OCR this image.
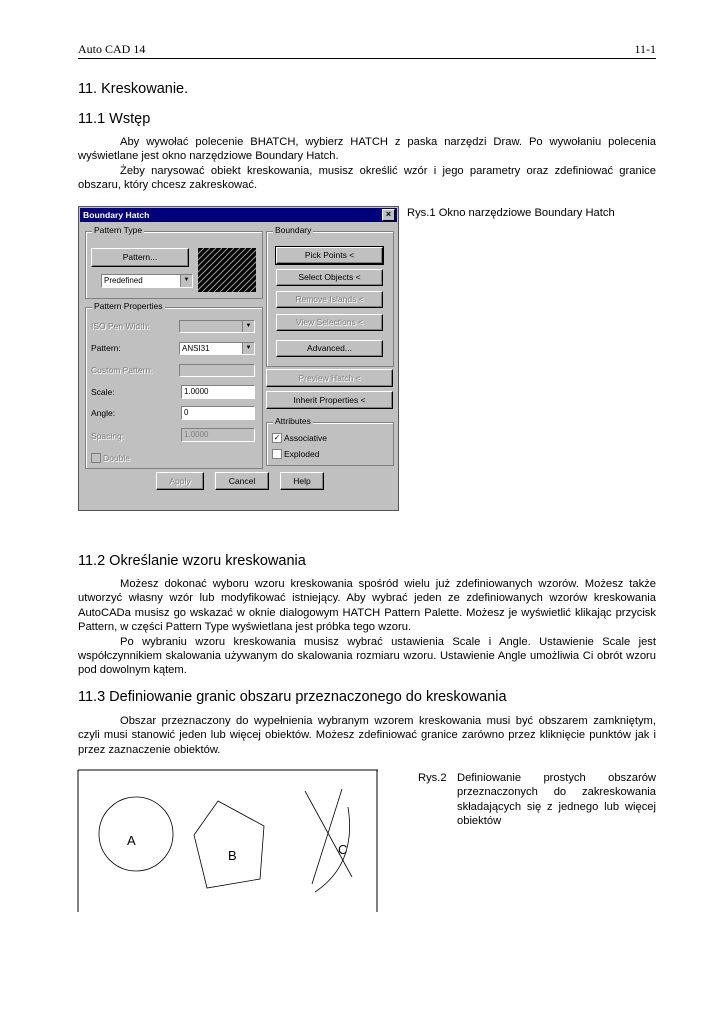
Auto CAD 14	11-1
11. Kreskowanie.
11.1 Wstęp

Aby wywołać polecenie BHATCH, wybierz HATCH z paska narzędzi Draw. Po wywołaniu polecenia wyświetlane jest okno narzędziowe Boundary Hatch.

Żeby narysować obiekt kreskowania, musisz określić wzór i jego parametry oraz zdefiniować granice obszaru, który chcesz zakreskować.

Boundary Hatch	×
Pattern Type
Pattern...
Predefined	▼
Pattern Properties
ISO Pen Width:	▼
Pattern:	ANSI31	▼
Custom Pattern:
Scale:	1.0000
Angle:	0
Spacing:	1.0000
Double
Boundary
Pick Points <
Select Objects <
Remove Islands <
View Selections <
Advanced...
Preview Hatch <
Inherit Properties <
Attributes
✓ Associative
Exploded
Apply	Cancel	Help
Rys.1 Okno narzędziowe Boundary Hatch
11.2 Określanie wzoru kreskowania

Możesz dokonać wyboru wzoru kreskowania spośród wielu już zdefiniowanych wzorów. Możesz także utworzyć własny wzór lub modyfikować istniejący. Aby wybrać jeden ze zdefiniowanych wzorów kreskowania AutoCADa musisz go wskazać w oknie dialogowym HATCH Pattern Palette. Możesz je wyświetlić klikając przycisk Pattern, w części Pattern Type wyświetlana jest próbka tego wzoru.

Po wybraniu wzoru kreskowania musisz wybrać ustawienia Scale i Angle. Ustawienie Scale jest współczynnikiem skalowania używanym do skalowania rozmiaru wzoru. Ustawienie Angle umożliwia Ci obrót wzoru pod dowolnym kątem.

11.3 Definiowanie granic obszaru przeznaczonego do kreskowania

Obszar przeznaczony do wypełnienia wybranym wzorem kreskowania musi być obszarem zamkniętym, czyli musi stanowić jeden lub więcej obiektów. Możesz zdefiniować granice zarówno przez kliknięcie punktów jak i przez zaznaczenie obiektów.

A
B	C
Rys.2 Definiowanie prostych obszarów przeznaczonych do zakreskowania składających się z jednego lub więcej obiektów
